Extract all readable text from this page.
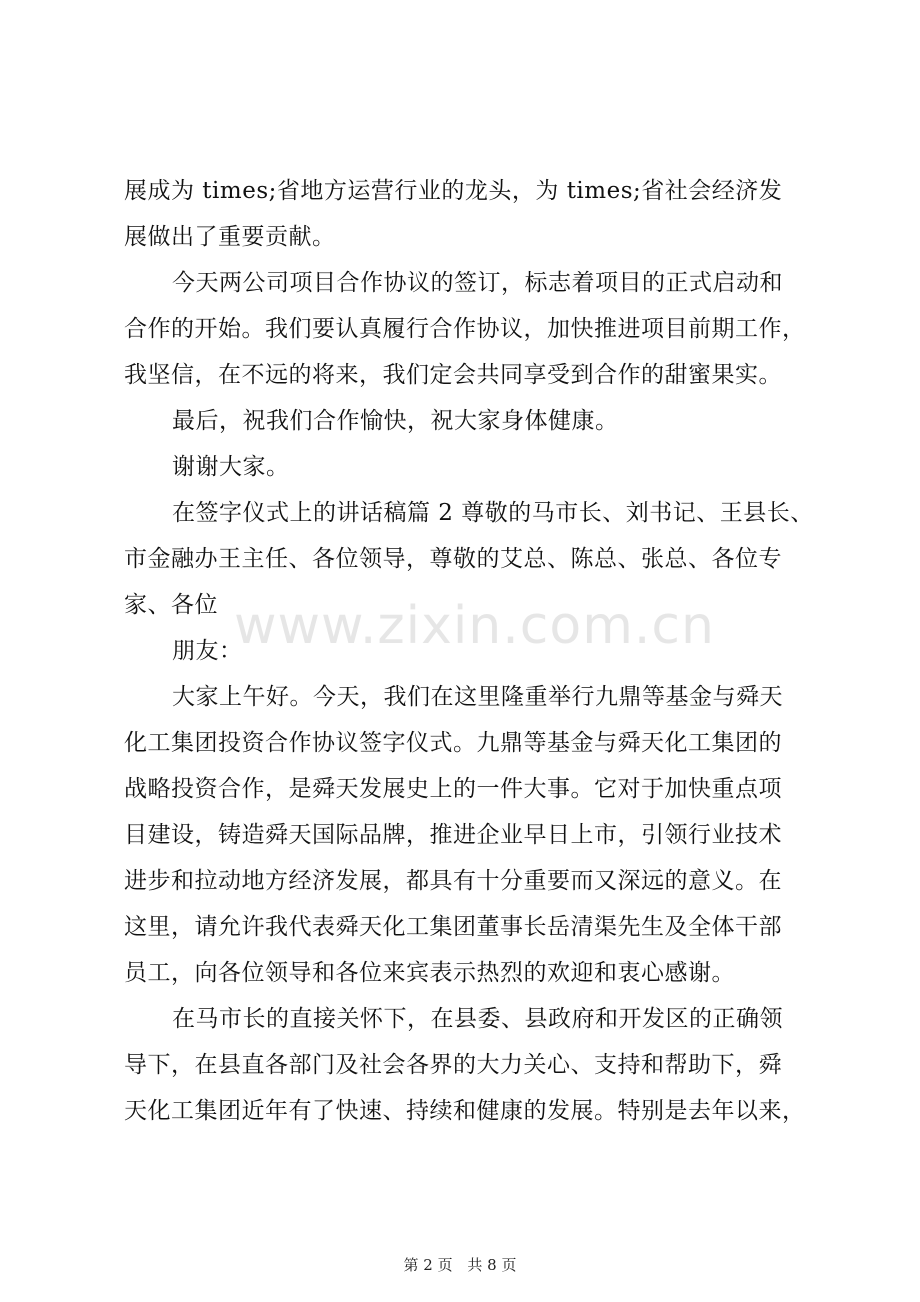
展成为 times;省地方运营行业的龙头，为 times;省社会经济发
展做出了重要贡献。
今天两公司项目合作协议的签订，标志着项目的正式启动和
合作的开始。我们要认真履行合作协议，加快推进项目前期工作，
我坚信，在不远的将来，我们定会共同享受到合作的甜蜜果实。
最后，祝我们合作愉快，祝大家身体健康。
谢谢大家。
在签字仪式上的讲话稿篇 2 尊敬的马市长、刘书记、王县长、
市金融办王主任、各位领导，尊敬的艾总、陈总、张总、各位专
家、各位
朋友：
大家上午好。今天，我们在这里隆重举行九鼎等基金与舜天
化工集团投资合作协议签字仪式。九鼎等基金与舜天化工集团的
战略投资合作，是舜天发展史上的一件大事。它对于加快重点项
目建设，铸造舜天国际品牌，推进企业早日上市，引领行业技术
进步和拉动地方经济发展，都具有十分重要而又深远的意义。在
这里，请允许我代表舜天化工集团董事长岳清渠先生及全体干部
员工，向各位领导和各位来宾表示热烈的欢迎和衷心感谢。
在马市长的直接关怀下，在县委、县政府和开发区的正确领
导下，在县直各部门及社会各界的大力关心、支持和帮助下，舜
天化工集团近年有了快速、持续和健康的发展。特别是去年以来，
www.zixin.com.cn
第 2 页 共 8 页
